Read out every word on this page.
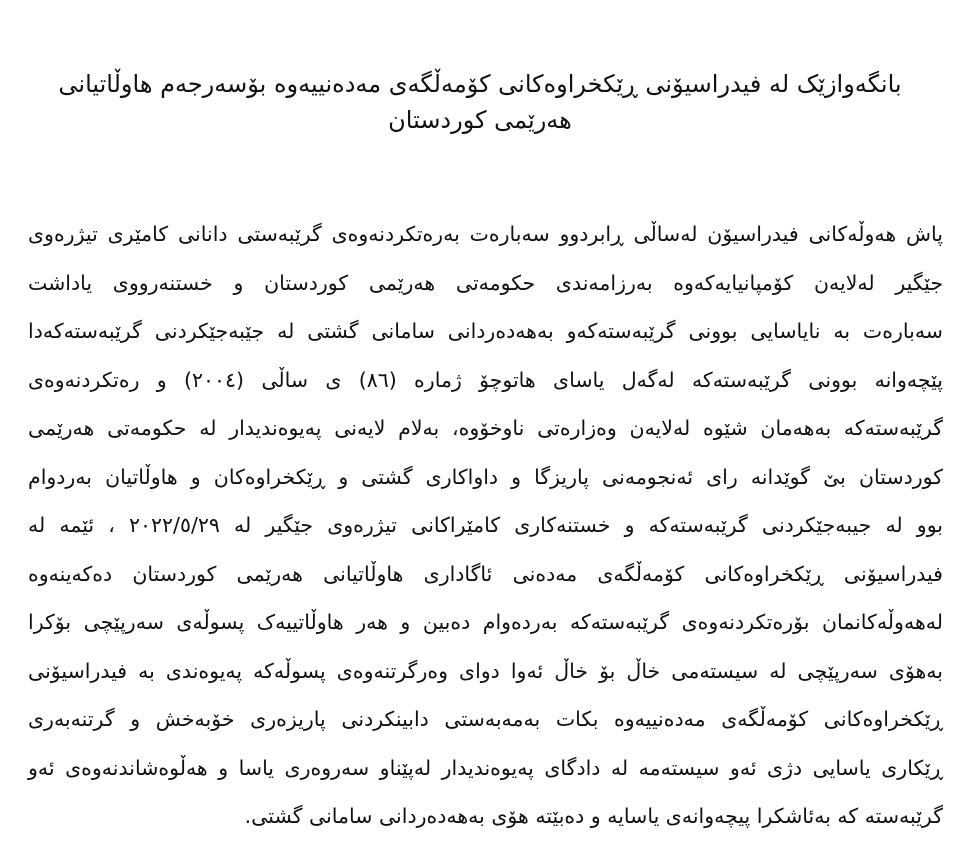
بانگەوازێک لە فیدراسیۆنی ڕێکخراوەکانی کۆمەڵگەی مەدەنییەوە بۆسەرجەم هاوڵاتیانی هەرێمی کوردستان
پاش هەوڵەکانی فیدراسیۆن لەساڵی ڕابردوو سەبارەت بەرەتکردنەوەی گرێبەستی دانانی کامێری تیژرەوی
جێگیر لەلایەن کۆمپانیایەکەوە بەرزامەندی حکومەتی هەرێمی کوردستان و خستنەرووی یاداشت
سەبارەت بە نایاسایی بوونی گرێبەستەکەو بەهەدەردانی سامانی گشتی لە جێبەجێکردنی گرێبەستەکەدا
پێچەوانە بوونی گرێبەستەکە لەگەل یاسای هاتوچۆ ژمارە (٨٦) ی ساڵی (٢٠٠٤) و رەتکردنەوەی
گرێبەستەکە بەهەمان شێوە لەلایەن وەزارەتی ناوخۆوە، بەلام لایەنی پەیوەندیدار لە حکومەتی هەرێمی
کوردستان بێ گوێدانە رای ئەنجومەنی پاریزگا و داواکاری گشتی و ڕێکخراوەکان و هاوڵاتیان بەردوام
بوو لە جیبەجێکردنی گرێبەستەکە و خستنەکاری کامێراکانی تیژرەوی جێگیر لە ٢٠٢٢/٥/٢٩ ، ئێمە لە
فیدراسیۆنی ڕێکخراوەکانی کۆمەڵگەی مەدەنی ئاگاداری هاوڵاتیانی هەرێمی کوردستان دەکەینەوە
لەهەوڵەکانمان بۆرەتکردنەوەی گرێبەستەکە بەردەوام دەبین و هەر هاوڵاتییەک پسوڵەی سەرپێچی بۆکرا
بەهۆی سەرپێچی لە سیستەمی خاڵ بۆ خاڵ ئەوا دوای وەرگرتنەوەی پسوڵەکە پەیوەندی بە فیدراسیۆنی
ڕێکخراوەکانی کۆمەڵگەی مەدەنییەوە بکات بەمەبەستی دابینکردنی پاریزەری خۆبەخش و گرتنەبەری
ڕێکاری یاسایی دژی ئەو سیستەمە لە دادگای پەیوەندیدار لەپێناو سەروەری یاسا و هەڵوەشاندنەوەی ئەو
گرێبەستە کە بەئاشکرا پیچەوانەی یاسایە و دەبێتە هۆی بەهەدەردانی سامانی گشتی.
